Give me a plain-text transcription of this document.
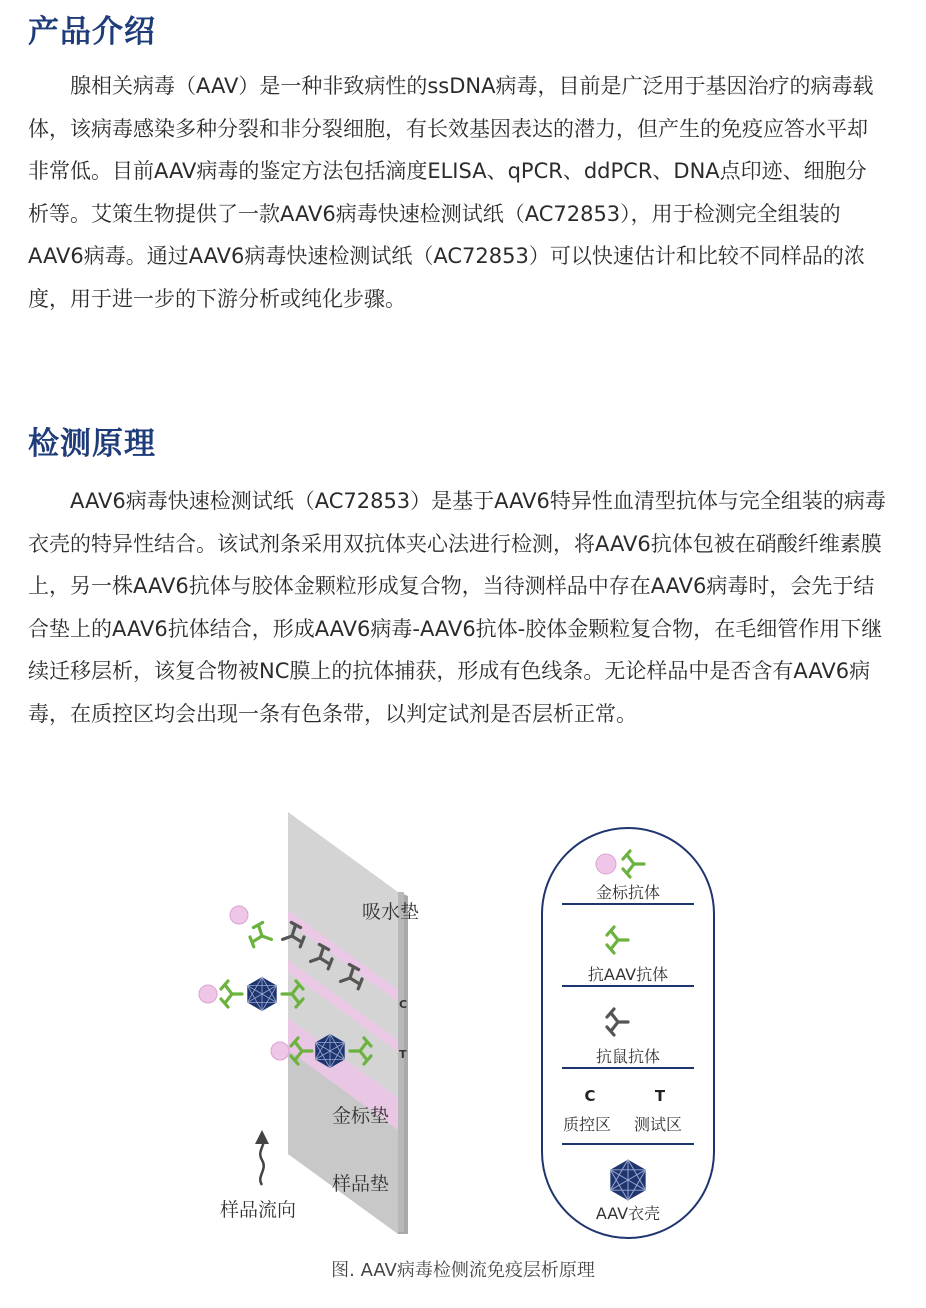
产品介绍

腺相关病毒（AAV）是一种非致病性的ssDNA病毒，目前是广泛用于基因治疗的病毒载体，该病毒感染多种分裂和非分裂细胞，有长效基因表达的潜力，但产生的免疫应答水平却非常低。目前AAV病毒的鉴定方法包括滴度ELISA、qPCR、ddPCR、DNA点印迹、细胞分析等。艾策生物提供了一款AAV6病毒快速检测试纸（AC72853），用于检测完全组装的AAV6病毒。通过AAV6病毒快速检测试纸（AC72853）可以快速估计和比较不同样品的浓度，用于进一步的下游分析或纯化步骤。

检测原理

AAV6病毒快速检测试纸（AC72853）是基于AAV6特异性血清型抗体与完全组装的病毒衣壳的特异性结合。该试剂条采用双抗体夹心法进行检测，将AAV6抗体包被在硝酸纤维素膜上，另一株AAV6抗体与胶体金颗粒形成复合物，当待测样品中存在AAV6病毒时，会先于结合垫上的AAV6抗体结合，形成AAV6病毒-AAV6抗体-胶体金颗粒复合物，在毛细管作用下继续迁移层析，该复合物被NC膜上的抗体捕获，形成有色线条。无论样品中是否含有AAV6病毒，在质控区均会出现一条有色条带，以判定试剂是否层析正常。

吸水垫
金标垫
样品垫
C
T
样品流向
金标抗体
抗AAV抗体
抗鼠抗体
C	T
质控区 测试区
AAV衣壳

图. AAV病毒检侧流免疫层析原理
